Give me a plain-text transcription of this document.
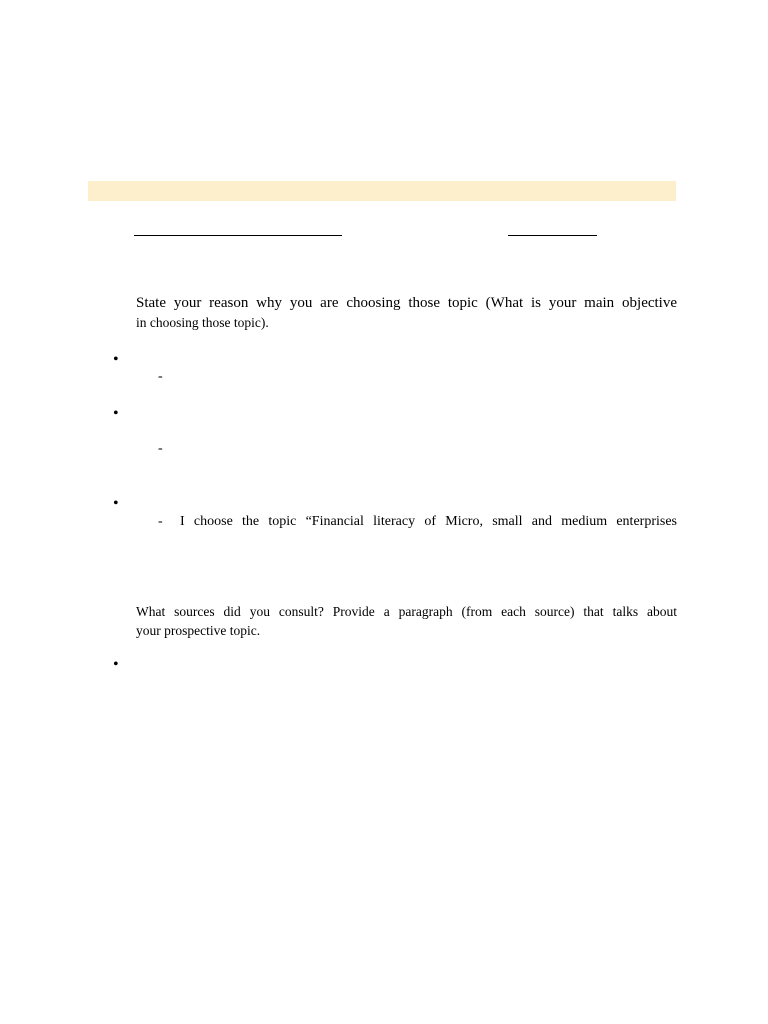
State your reason why you are choosing those topic (What is your main objective
in choosing those topic).
•
-
•
-
•
- I choose the topic “Financial literacy of Micro, small and medium enterprises
What sources did you consult? Provide a paragraph (from each source) that talks about
your prospective topic.
•
